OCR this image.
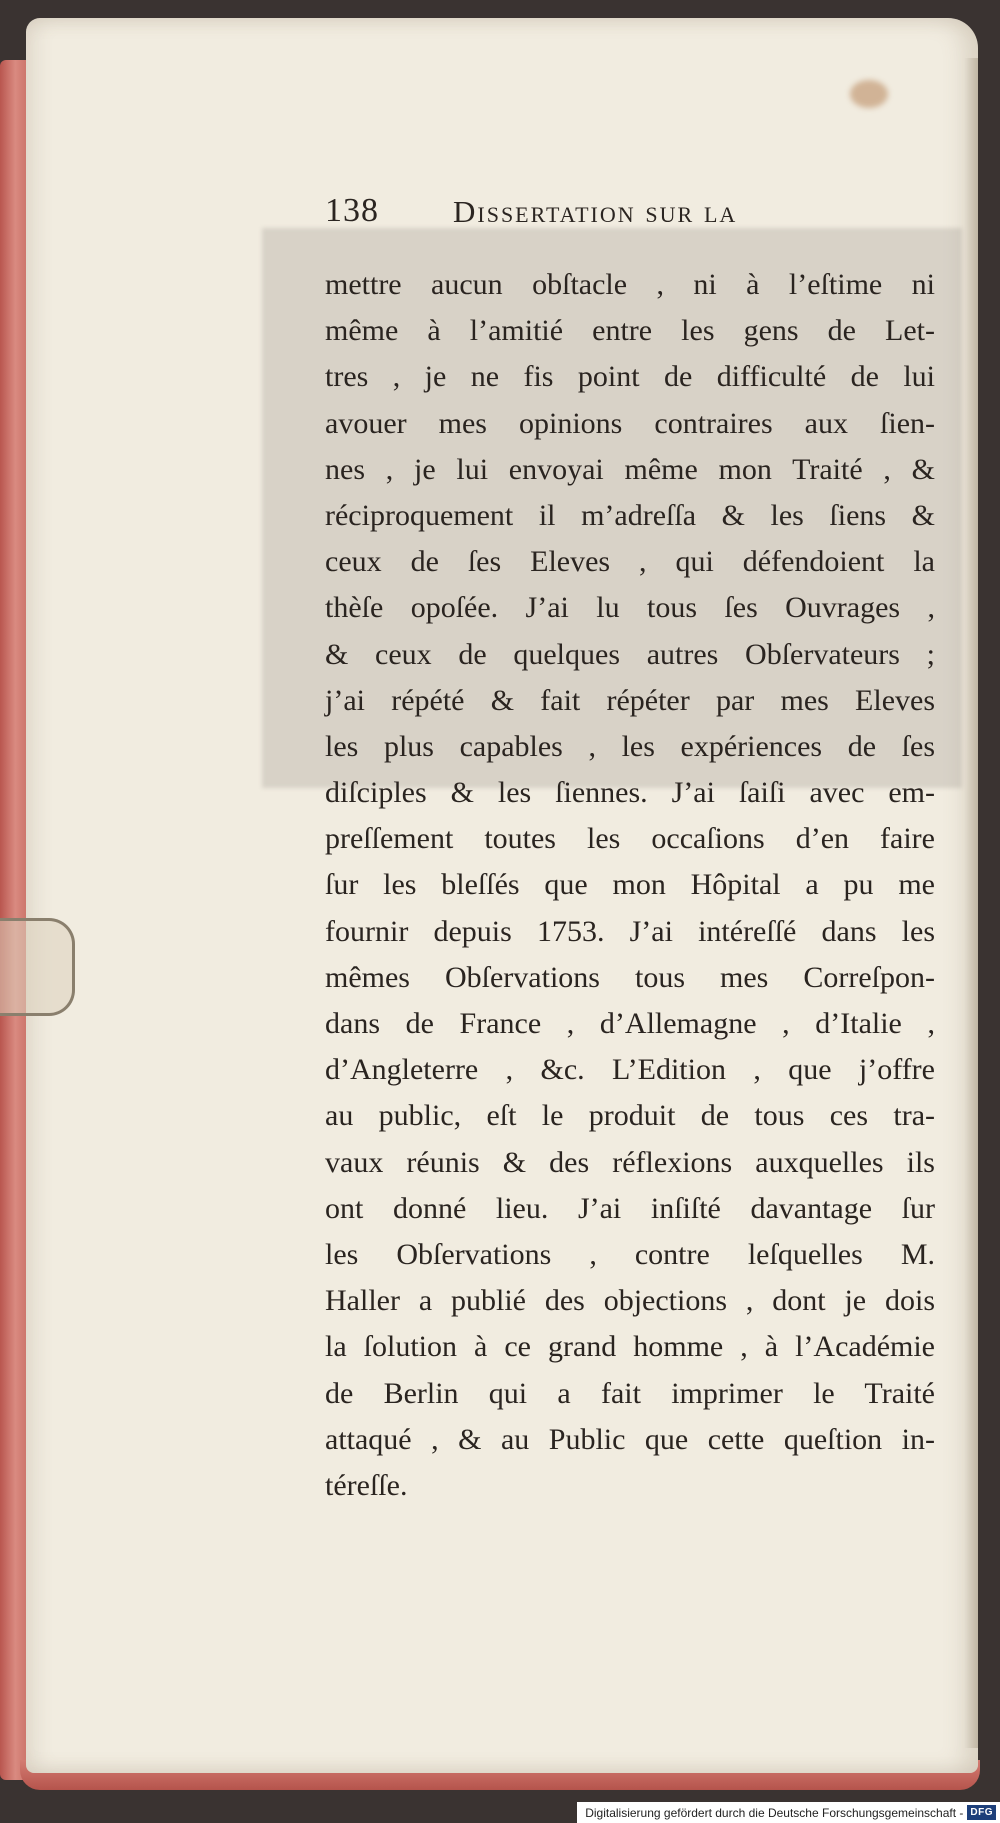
138 Dissertation sur la
mettre aucun obſtacle , ni à l’eſtime ni
même à l’amitié entre les gens de Let-
tres , je ne fis point de difficulté de lui
avouer mes opinions contraires aux ſien-
nes , je lui envoyai même mon Traité , &
réciproquement il m’adreſſa & les ſiens &
ceux de ſes Eleves , qui défendoient la
thèſe opoſée. J’ai lu tous ſes Ouvrages ,
& ceux de quelques autres Obſervateurs ;
j’ai répété & fait répéter par mes Eleves
les plus capables , les expériences de ſes
diſciples & les ſiennes. J’ai ſaiſi avec em-
preſſement toutes les occaſions d’en faire
ſur les bleſſés que mon Hôpital a pu me
fournir depuis 1753. J’ai intéreſſé dans les
mêmes Obſervations tous mes Correſpon-
dans de France , d’Allemagne , d’Italie ,
d’Angleterre , &c. L’Edition , que j’offre
au public, eſt le produit de tous ces tra-
vaux réunis & des réflexions auxquelles ils
ont donné lieu. J’ai inſiſté davantage ſur
les Obſervations , contre leſquelles M.
Haller a publié des objections , dont je dois
la ſolution à ce grand homme , à l’Académie
de Berlin qui a fait imprimer le Traité
attaqué , & au Public que cette queſtion in-
téreſſe.
Digitalisierung gefördert durch die Deutsche Forschungsgemeinschaft - DFG
